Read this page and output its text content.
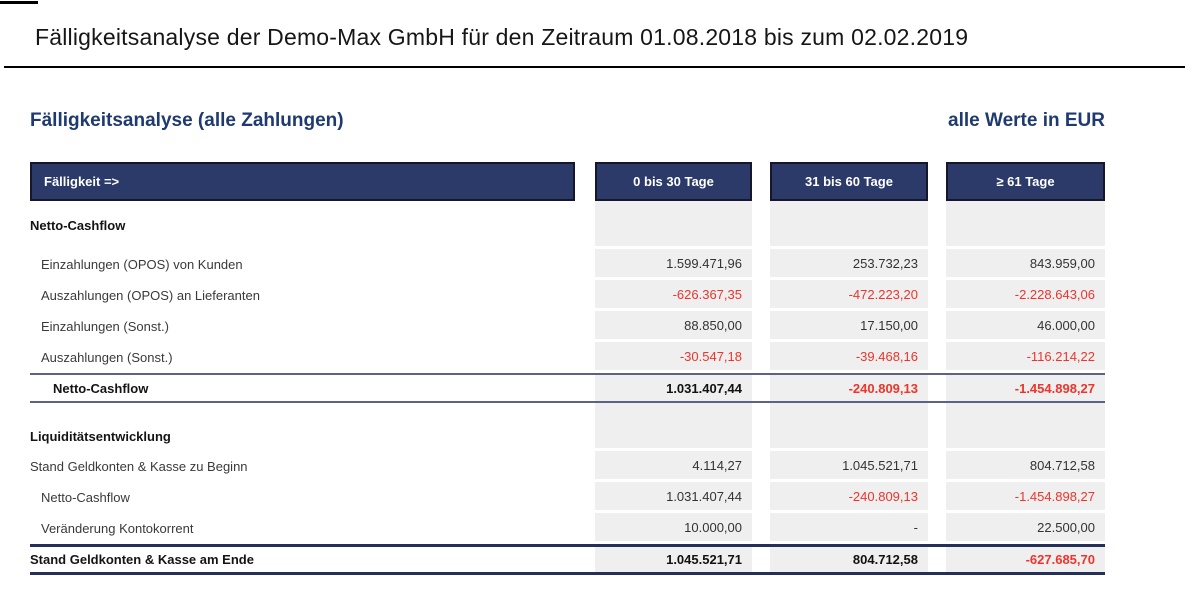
Fälligkeitsanalyse der Demo-Max GmbH für den Zeitraum 01.08.2018 bis zum 02.02.2019
Fälligkeitsanalyse (alle Zahlungen)	alle Werte in EUR
Fälligkeit =>	0 bis 30 Tage	31 bis 60 Tage	≥ 61 Tage
Netto-Cashflow
Einzahlungen (OPOS) von Kunden	1.599.471,96	253.732,23	843.959,00
Auszahlungen (OPOS) an Lieferanten	-626.367,35	-472.223,20	-2.228.643,06
Einzahlungen (Sonst.)	88.850,00	17.150,00	46.000,00
Auszahlungen (Sonst.)	-30.547,18	-39.468,16	-116.214,22
Netto-Cashflow	1.031.407,44	-240.809,13	-1.454.898,27
Liquiditätsentwicklung
Stand Geldkonten & Kasse zu Beginn	4.114,27	1.045.521,71	804.712,58
Netto-Cashflow	1.031.407,44	-240.809,13	-1.454.898,27
Veränderung Kontokorrent	10.000,00	-	22.500,00
Stand Geldkonten & Kasse am Ende	1.045.521,71	804.712,58	-627.685,70
